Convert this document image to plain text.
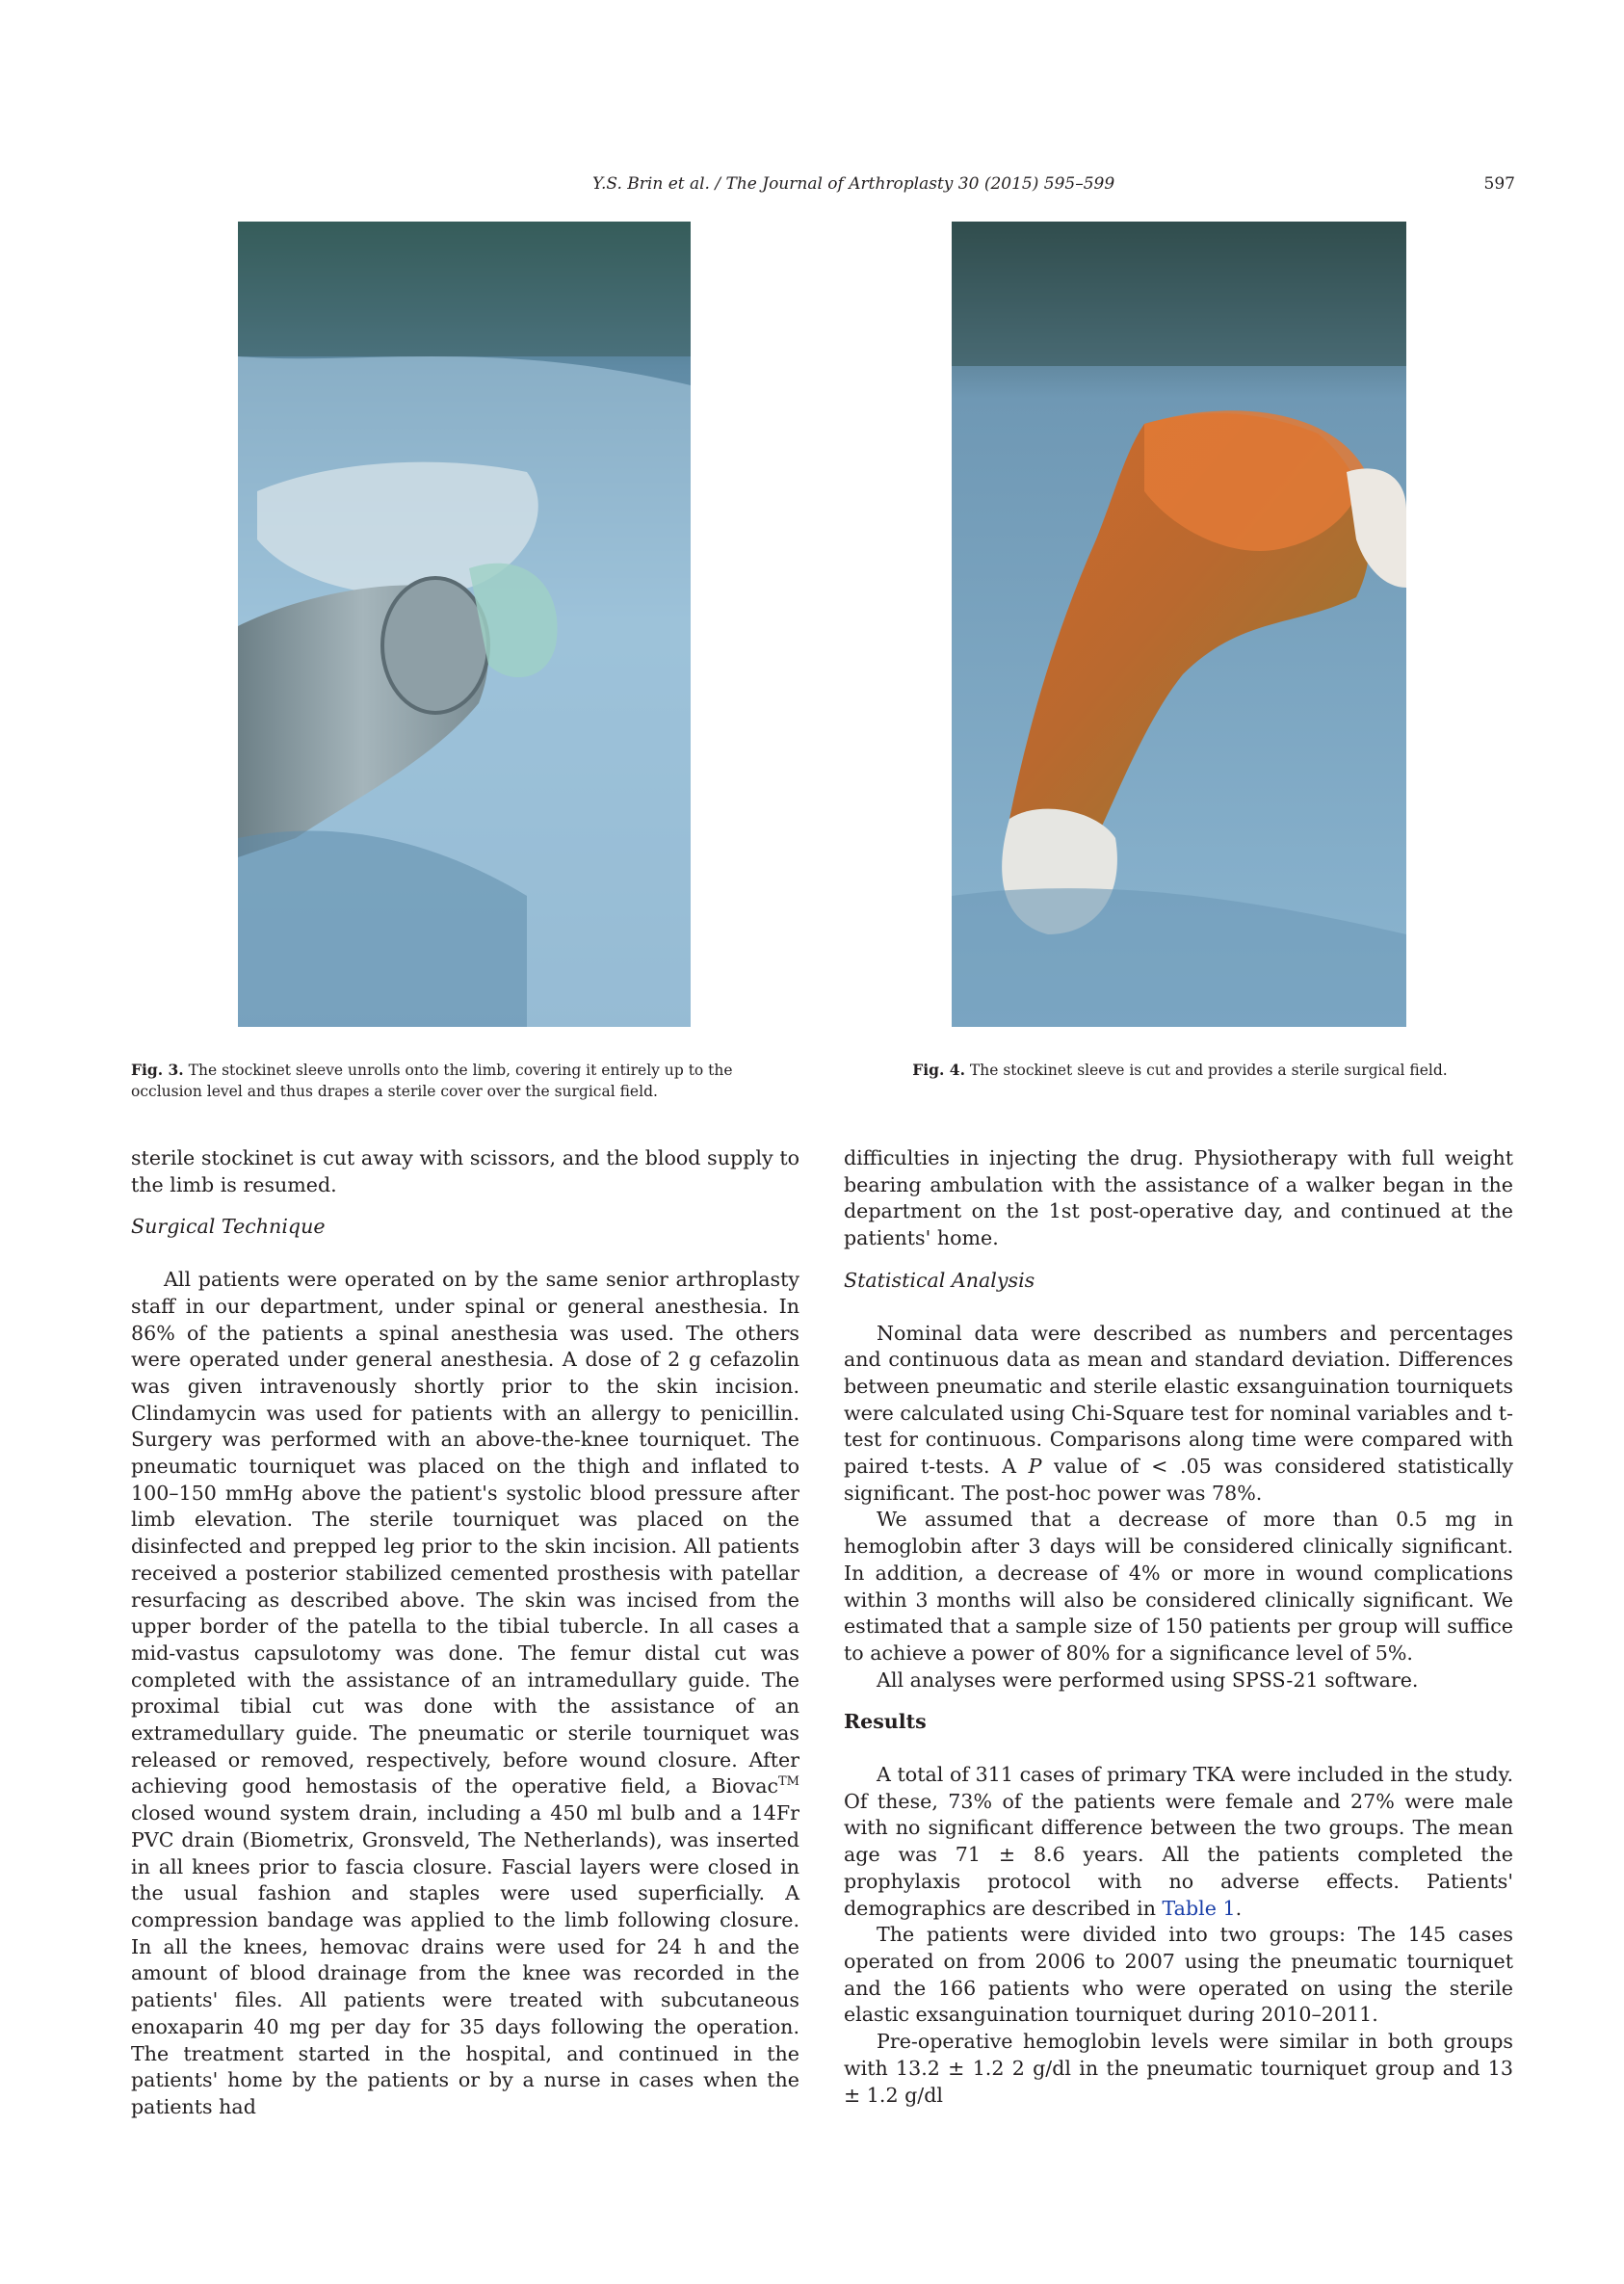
Y.S. Brin et al. / The Journal of Arthroplasty 30 (2015) 595–599	597
Fig. 3. The stockinet sleeve unrolls onto the limb, covering it entirely up to the occlusion level and thus drapes a sterile cover over the surgical field.
Fig. 4. The stockinet sleeve is cut and provides a sterile surgical field.

sterile stockinet is cut away with scissors, and the blood supply to the limb is resumed.

Surgical Technique

All patients were operated on by the same senior arthroplasty staff in our department, under spinal or general anesthesia. In 86% of the patients a spinal anesthesia was used. The others were operated under general anesthesia. A dose of 2 g cefazolin was given intravenously shortly prior to the skin incision. Clindamycin was used for patients with an allergy to penicillin. Surgery was performed with an above-the-knee tourniquet. The pneumatic tourniquet was placed on the thigh and inflated to 100–150 mmHg above the patient's systolic blood pressure after limb elevation. The sterile tourniquet was placed on the disinfected and prepped leg prior to the skin incision. All patients received a posterior stabilized cemented prosthesis with patellar resurfacing as described above. The skin was incised from the upper border of the patella to the tibial tubercle. In all cases a mid-vastus capsulotomy was done. The femur distal cut was completed with the assistance of an intramedullary guide. The proximal tibial cut was done with the assistance of an extramedullary guide. The pneumatic or sterile tourniquet was released or removed, respectively, before wound closure. After achieving good hemostasis of the operative field, a Biovac™ closed wound system drain, including a 450 ml bulb and a 14Fr PVC drain (Biometrix, Gronsveld, The Netherlands), was inserted in all knees prior to fascia closure. Fascial layers were closed in the usual fashion and staples were used superficially. A compression bandage was applied to the limb following closure. In all the knees, hemovac drains were used for 24 h and the amount of blood drainage from the knee was recorded in the patients' files. All patients were treated with subcutaneous enoxaparin 40 mg per day for 35 days following the operation. The treatment started in the hospital, and continued in the patients' home by the patients or by a nurse in cases when the patients had

difficulties in injecting the drug. Physiotherapy with full weight bearing ambulation with the assistance of a walker began in the department on the 1st post-operative day, and continued at the patients' home.

Statistical Analysis

Nominal data were described as numbers and percentages and continuous data as mean and standard deviation. Differences between pneumatic and sterile elastic exsanguination tourniquets were calculated using Chi-Square test for nominal variables and t-test for continuous. Comparisons along time were compared with paired t-tests. A P value of < .05 was considered statistically significant. The post-hoc power was 78%.

We assumed that a decrease of more than 0.5 mg in hemoglobin after 3 days will be considered clinically significant. In addition, a decrease of 4% or more in wound complications within 3 months will also be considered clinically significant. We estimated that a sample size of 150 patients per group will suffice to achieve a power of 80% for a significance level of 5%.

All analyses were performed using SPSS-21 software.

Results

A total of 311 cases of primary TKA were included in the study. Of these, 73% of the patients were female and 27% were male with no significant difference between the two groups. The mean age was 71 ± 8.6 years. All the patients completed the prophylaxis protocol with no adverse effects. Patients' demographics are described in Table 1.

The patients were divided into two groups: The 145 cases operated on from 2006 to 2007 using the pneumatic tourniquet and the 166 patients who were operated on using the sterile elastic exsanguination tourniquet during 2010–2011.

Pre-operative hemoglobin levels were similar in both groups with 13.2 ± 1.2 2 g/dl in the pneumatic tourniquet group and 13 ± 1.2 g/dl
